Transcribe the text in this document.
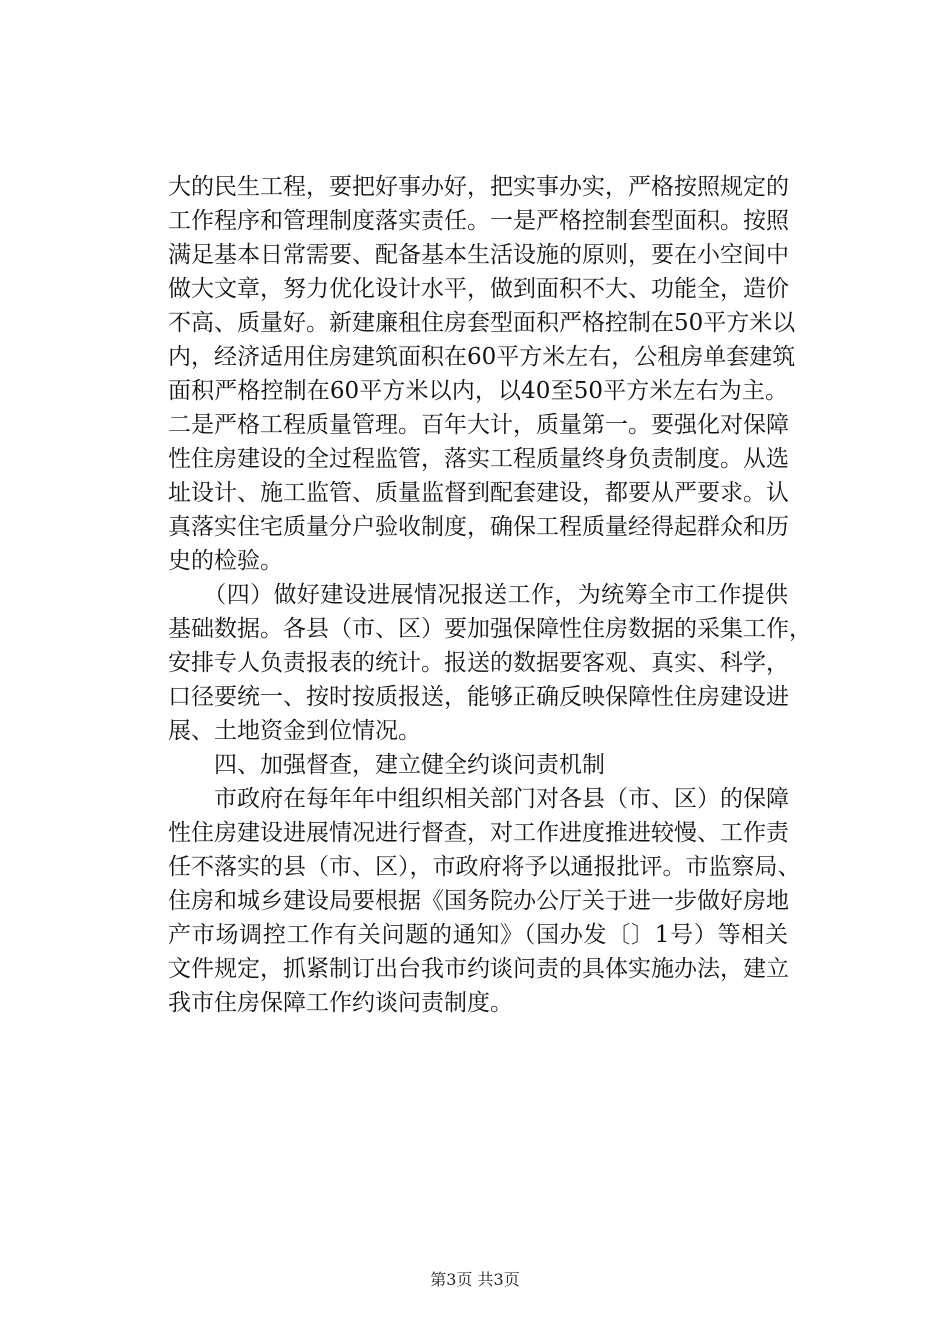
大的民生工程，要把好事办好，把实事办实，严格按照规定的
工作程序和管理制度落实责任。一是严格控制套型面积。按照
满足基本日常需要、配备基本生活设施的原则，要在小空间中
做大文章，努力优化设计水平，做到面积不大、功能全，造价
不高、质量好。新建廉租住房套型面积严格控制在50平方米以
内，经济适用住房建筑面积在60平方米左右，公租房单套建筑
面积严格控制在60平方米以内，以40至50平方米左右为主。
二是严格工程质量管理。百年大计，质量第一。要强化对保障
性住房建设的全过程监管，落实工程质量终身负责制度。从选
址设计、施工监管、质量监督到配套建设，都要从严要求。认
真落实住宅质量分户验收制度，确保工程质量经得起群众和历
史的检验。
　　（四）做好建设进展情况报送工作，为统筹全市工作提供
基础数据。各县（市、区）要加强保障性住房数据的采集工作，
安排专人负责报表的统计。报送的数据要客观、真实、科学，
口径要统一、按时按质报送，能够正确反映保障性住房建设进
展、土地资金到位情况。
　　四、加强督查，建立健全约谈问责机制
　　市政府在每年年中组织相关部门对各县（市、区）的保障
性住房建设进展情况进行督查，对工作进度推进较慢、工作责
任不落实的县（市、区），市政府将予以通报批评。市监察局、
住房和城乡建设局要根据《国务院办公厅关于进一步做好房地
产市场调控工作有关问题的通知》（国办发〔〕1号）等相关
文件规定，抓紧制订出台我市约谈问责的具体实施办法，建立
我市住房保障工作约谈问责制度。
第3页 共3页
